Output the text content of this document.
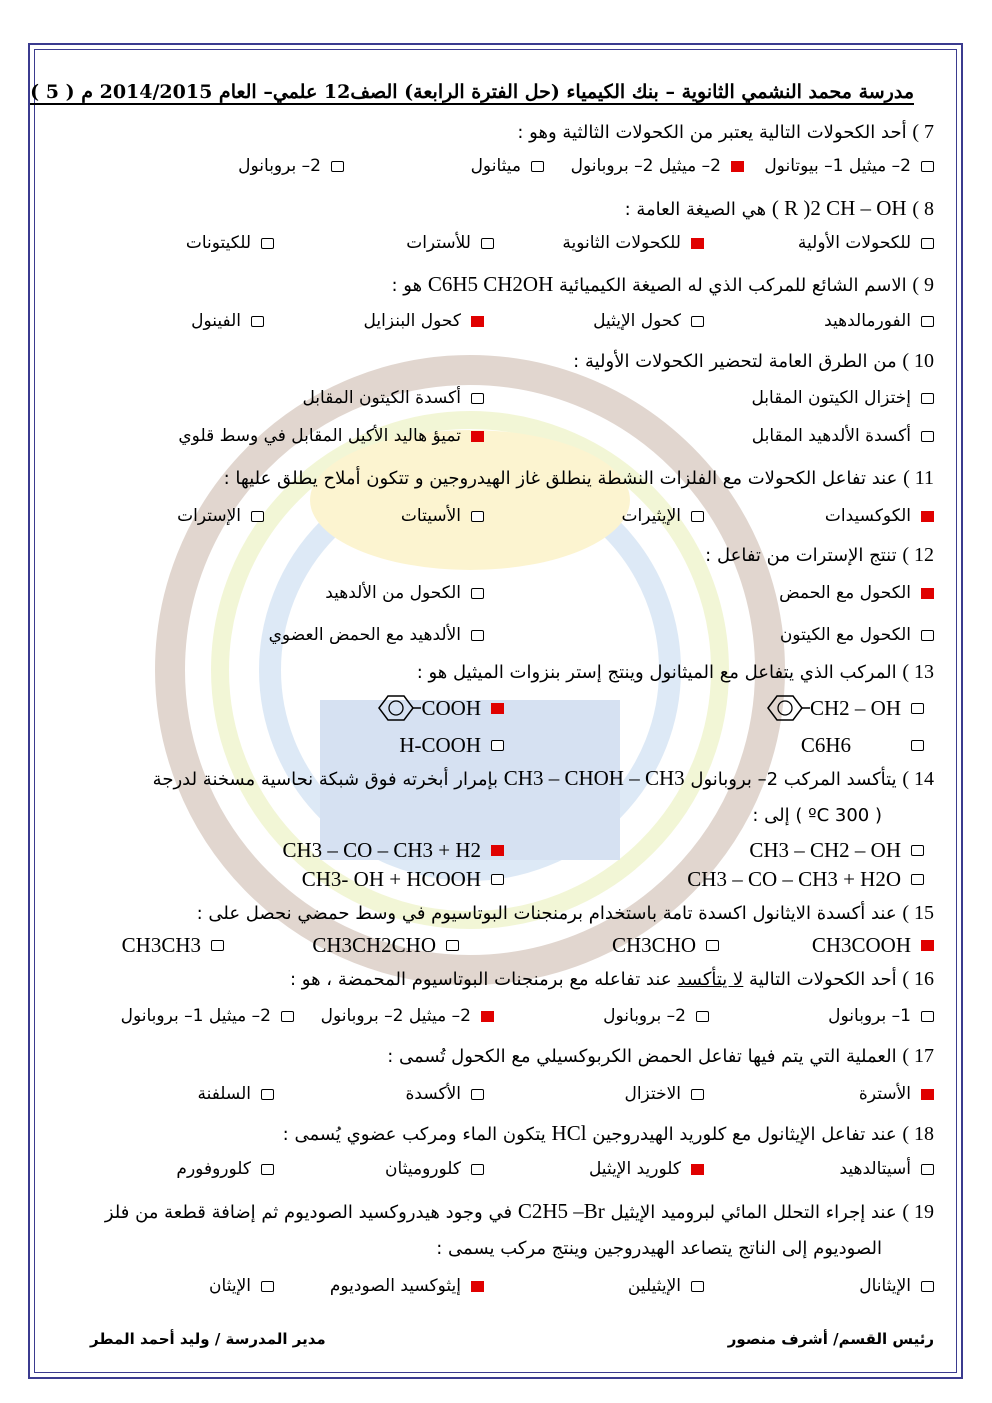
مدرسة محمد النشمي الثانوية – بنك الكيمياء (حل الفترة الرابعة) الصف12 علمي– العام 2014/2015 م ( 5 )
7 ) أحد الكحولات التالية يعتبر من الكحولات الثالثية وهو :
2– ميثيل 1– بيوتانول
2– ميثيل 2– بروبانول
ميثانول
2– بروبانول
8 ) ( R )2 CH – OH هي الصيغة العامة :
للكحولات الأولية
للكحولات الثانوية
للأسترات
للكيتونات
9 ) الاسم الشائع للمركب الذي له الصيغة الكيميائية C6H5 CH2OH هو :
الفورمالدهيد
كحول الإيثيل
كحول البنزايل
الفينول
10 ) من الطرق العامة لتحضير الكحولات الأولية :
إختزال الكيتون المقابل
أكسدة الكيتون المقابل
أكسدة الألدهيد المقابل
تميؤ هاليد الأكيل المقابل في وسط قلوي
11 ) عند تفاعل الكحولات مع الفلزات النشطة ينطلق غاز الهيدروجين و تتكون أملاح يطلق عليها :
الكوكسيدات
الإيثيرات
الأسيتات
الإسترات
12 ) تنتج الإسترات من تفاعل :
الكحول مع الحمض
الكحول من الألدهيد
الكحول مع الكيتون
الألدهيد مع الحمض العضوي
13 ) المركب الذي يتفاعل مع الميثانول وينتج إستر بنزوات الميثيل هو :
CH2 – OH
COOH
C6H6
H-COOH
14 ) يتأكسد المركب 2– بروبانول CH3 – CHOH – CH3 بإمرار أبخرته فوق شبكة نحاسية مسخنة لدرجة
( 300 ºC ) إلى :
CH3 – CH2 – OH
CH3 – CO – CH3 + H2
CH3 – CO – CH3 + H2O
CH3- OH + HCOOH
15 ) عند أكسدة الايثانول اكسدة تامة باستخدام برمنجنات البوتاسيوم في وسط حمضي نحصل على :
CH3COOH
CH3CHO
CH3CH2CHO
CH3CH3
16 ) أحد الكحولات التالية لا يتأكسد عند تفاعله مع برمنجنات البوتاسيوم المحمضة ، هو :
1– بروبانول
2– بروبانول
2– ميثيل 2– بروبانول
2– ميثيل 1– بروبانول
17 ) العملية التي يتم فيها تفاعل الحمض الكربوكسيلي مع الكحول تُسمى :
الأسترة
الاختزال
الأكسدة
السلفنة
18 ) عند تفاعل الإيثانول مع كلوريد الهيدروجين HCl يتكون الماء ومركب عضوي يُسمى :
أسيتالدهيد
كلوريد الإيثيل
كلوروميثان
كلوروفورم
19 ) عند إجراء التحلل المائي لبروميد الإيثيل C2H5 –Br في وجود هيدروكسيد الصوديوم ثم إضافة قطعة من فلز
الصوديوم إلى الناتج يتصاعد الهيدروجين وينتج مركب يسمى :
الإيثانال
الإيثيلين
إيثوكسيد الصوديوم
الإيثان
رئيس القسم/ أشرف منصور
مدير المدرسة / وليد أحمد المطر
